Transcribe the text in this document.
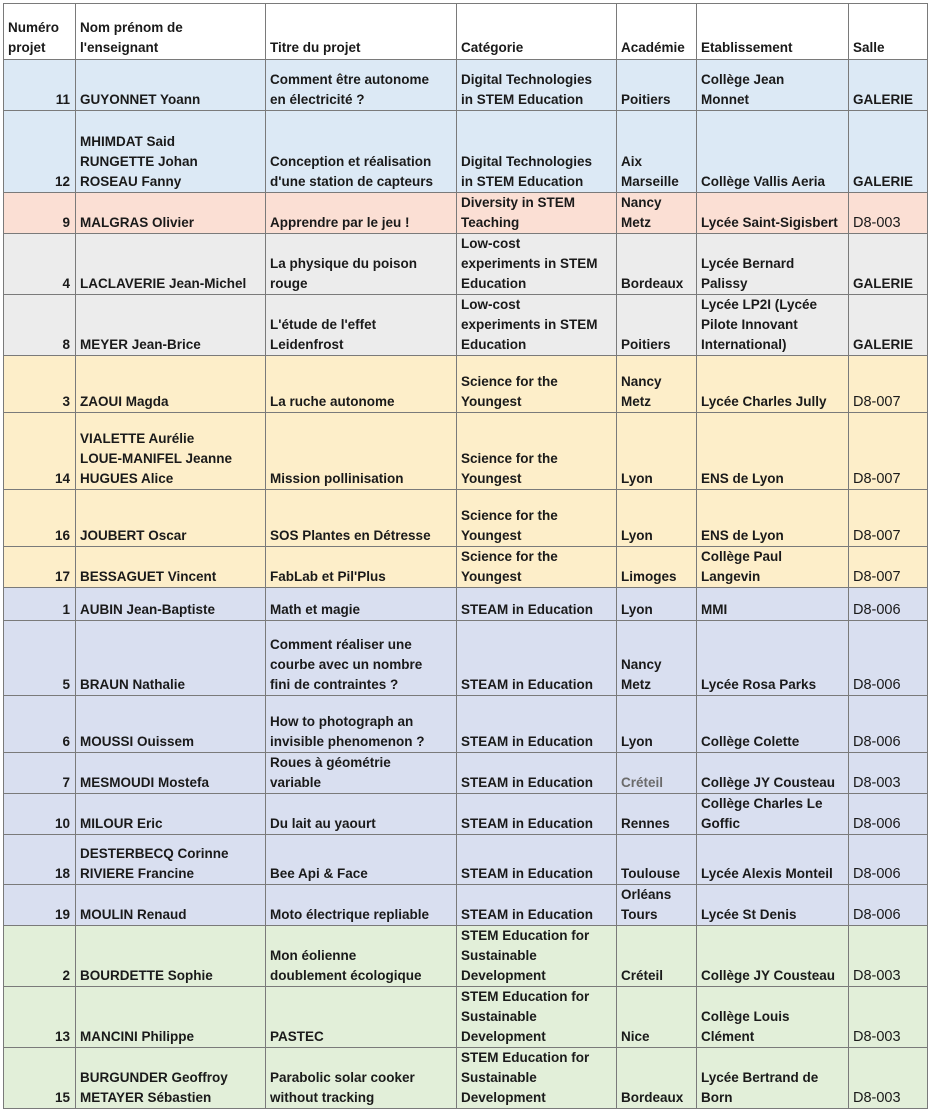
Numéro
projet	Nom prénom de
l'enseignant	Titre du projet	Catégorie	Académie	Etablissement	Salle

11	GUYONNET Yoann	Comment être autonome
en électricité ?	Digital Technologies
in STEM Education	Poitiers	Collège Jean
Monnet	GALERIE

12	MHIMDAT Said
RUNGETTE Johan
ROSEAU Fanny	Conception et réalisation
d'une station de capteurs	Digital Technologies
in STEM Education	Aix
Marseille	Collège Vallis Aeria	GALERIE

9	MALGRAS Olivier	Apprendre par le jeu !	Diversity in STEM
Teaching	Nancy
Metz	Lycée Saint-Sigisbert	D8-003

4	LACLAVERIE Jean-Michel	La physique du poison
rouge	Low-cost
experiments in STEM
Education	Bordeaux	Lycée Bernard
Palissy	GALERIE

8	MEYER Jean-Brice	L'étude de l'effet
Leidenfrost	Low-cost
experiments in STEM
Education	Poitiers	Lycée LP2I (Lycée
Pilote Innovant
International)	GALERIE

3	ZAOUI Magda	La ruche autonome	Science for the
Youngest	Nancy
Metz	Lycée Charles Jully	D8-007

14	VIALETTE Aurélie
LOUE-MANIFEL Jeanne
HUGUES Alice	Mission pollinisation	Science for the
Youngest	Lyon	ENS de Lyon	D8-007

16	JOUBERT Oscar	SOS Plantes en Détresse	Science for the
Youngest	Lyon	ENS de Lyon	D8-007

17	BESSAGUET Vincent	FabLab et Pil'Plus	Science for the
Youngest	Limoges	Collège Paul
Langevin	D8-007

1	AUBIN Jean-Baptiste	Math et magie	STEAM in Education	Lyon	MMI	D8-006

5	BRAUN Nathalie	Comment réaliser une
courbe avec un nombre
fini de contraintes ?	STEAM in Education	Nancy
Metz	Lycée Rosa Parks	D8-006

6	MOUSSI Ouissem	How to photograph an
invisible phenomenon ?	STEAM in Education	Lyon	Collège Colette	D8-006

7	MESMOUDI Mostefa	Roues à géométrie
variable	STEAM in Education	Créteil	Collège JY Cousteau	D8-003

10	MILOUR Eric	Du lait au yaourt	STEAM in Education	Rennes	Collège Charles Le
Goffic	D8-006

18	DESTERBECQ Corinne
RIVIERE Francine	Bee Api & Face	STEAM in Education	Toulouse	Lycée Alexis Monteil	D8-006

19	MOULIN Renaud	Moto électrique repliable	STEAM in Education	Orléans
Tours	Lycée St Denis	D8-006

2	BOURDETTE Sophie	Mon éolienne
doublement écologique	STEM Education for
Sustainable
Development	Créteil	Collège JY Cousteau	D8-003

13	MANCINI Philippe	PASTEC	STEM Education for
Sustainable
Development	Nice	Collège Louis
Clément	D8-003

15	BURGUNDER Geoffroy
METAYER Sébastien	Parabolic solar cooker
without tracking	STEM Education for
Sustainable
Development	Bordeaux	Lycée Bertrand de
Born	D8-003
